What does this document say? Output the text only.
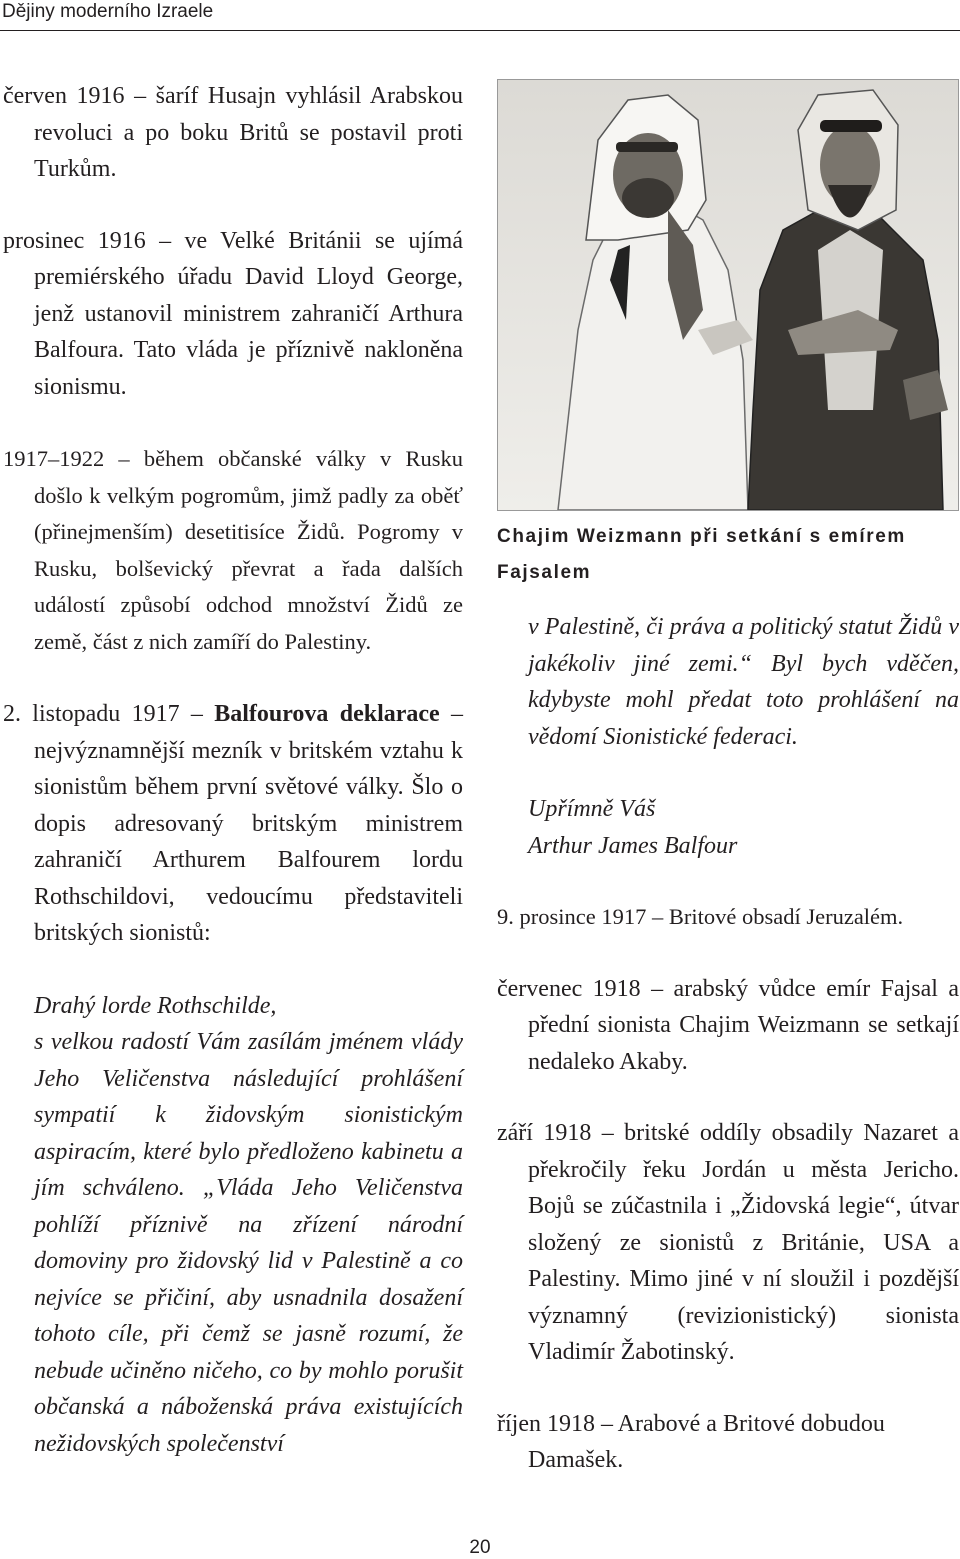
Dějiny moderního Izraele

červen 1916 – šaríf Husajn vyhlásil Arabskou revoluci a po boku Britů se postavil proti Turkům.

prosinec 1916 – ve Velké Británii se ujímá premiérského úřadu David Lloyd George, jenž ustanovil ministrem zahraničí Arthura Balfoura. Tato vláda je příznivě nakloněna sionismu.

1917–1922 – během občanské války v Rusku došlo k velkým pogromům, jimž padly za oběť (přinejmenším) desetitisíce Židů. Pogromy v Rusku, bolševický převrat a řada dalších událostí způsobí odchod množství Židů ze země, část z nich zamíří do Palestiny.

2. listopadu 1917 – Balfourova deklarace – nejvýznamnější mezník v britském vztahu k sionistům během první světové války. Šlo o dopis adresovaný britským ministrem zahraničí Arthurem Balfourem lordu Rothschildovi, vedoucímu představiteli britských sionistů:

Drahý lorde Rothschilde,

s velkou radostí Vám zasílám jménem vlády Jeho Veličenstva následující prohlášení sympatií k židovským sionistickým aspiracím, které bylo předloženo kabinetu a jím schváleno. „Vláda Jeho Veličenstva pohlíží příznivě na zřízení národní domoviny pro židovský lid v Palestině a co nejvíce se přičiní, aby usnadnila dosažení tohoto cíle, při čemž se jasně rozumí, že nebude učiněno ničeho, co by mohlo porušit občanská a náboženská práva existujících nežidovských společenství

Chajim Weizmann při setkání s emírem Fajsalem

v Palestině, či práva a politický statut Židů v jakékoliv jiné zemi.“ Byl bych vděčen, kdybyste mohl předat toto prohlášení na vědomí Sionistické federaci.

Upřímně Váš

Arthur James Balfour

9. prosince 1917 – Britové obsadí Jeruzalém.

červenec 1918 – arabský vůdce emír Fajsal a přední sionista Chajim Weizmann se setkají nedaleko Akaby.

září 1918 – britské oddíly obsadily Nazaret a překročily řeku Jordán u města Jericho. Bojů se zúčastnila i „Židovská legie“, útvar složený ze sionistů z Británie, USA a Palestiny. Mimo jiné v ní sloužil i pozdější významný (revizionistický) sionista Vladimír Žabotinský.

říjen 1918 – Arabové a Britové dobudou Damašek.

20
